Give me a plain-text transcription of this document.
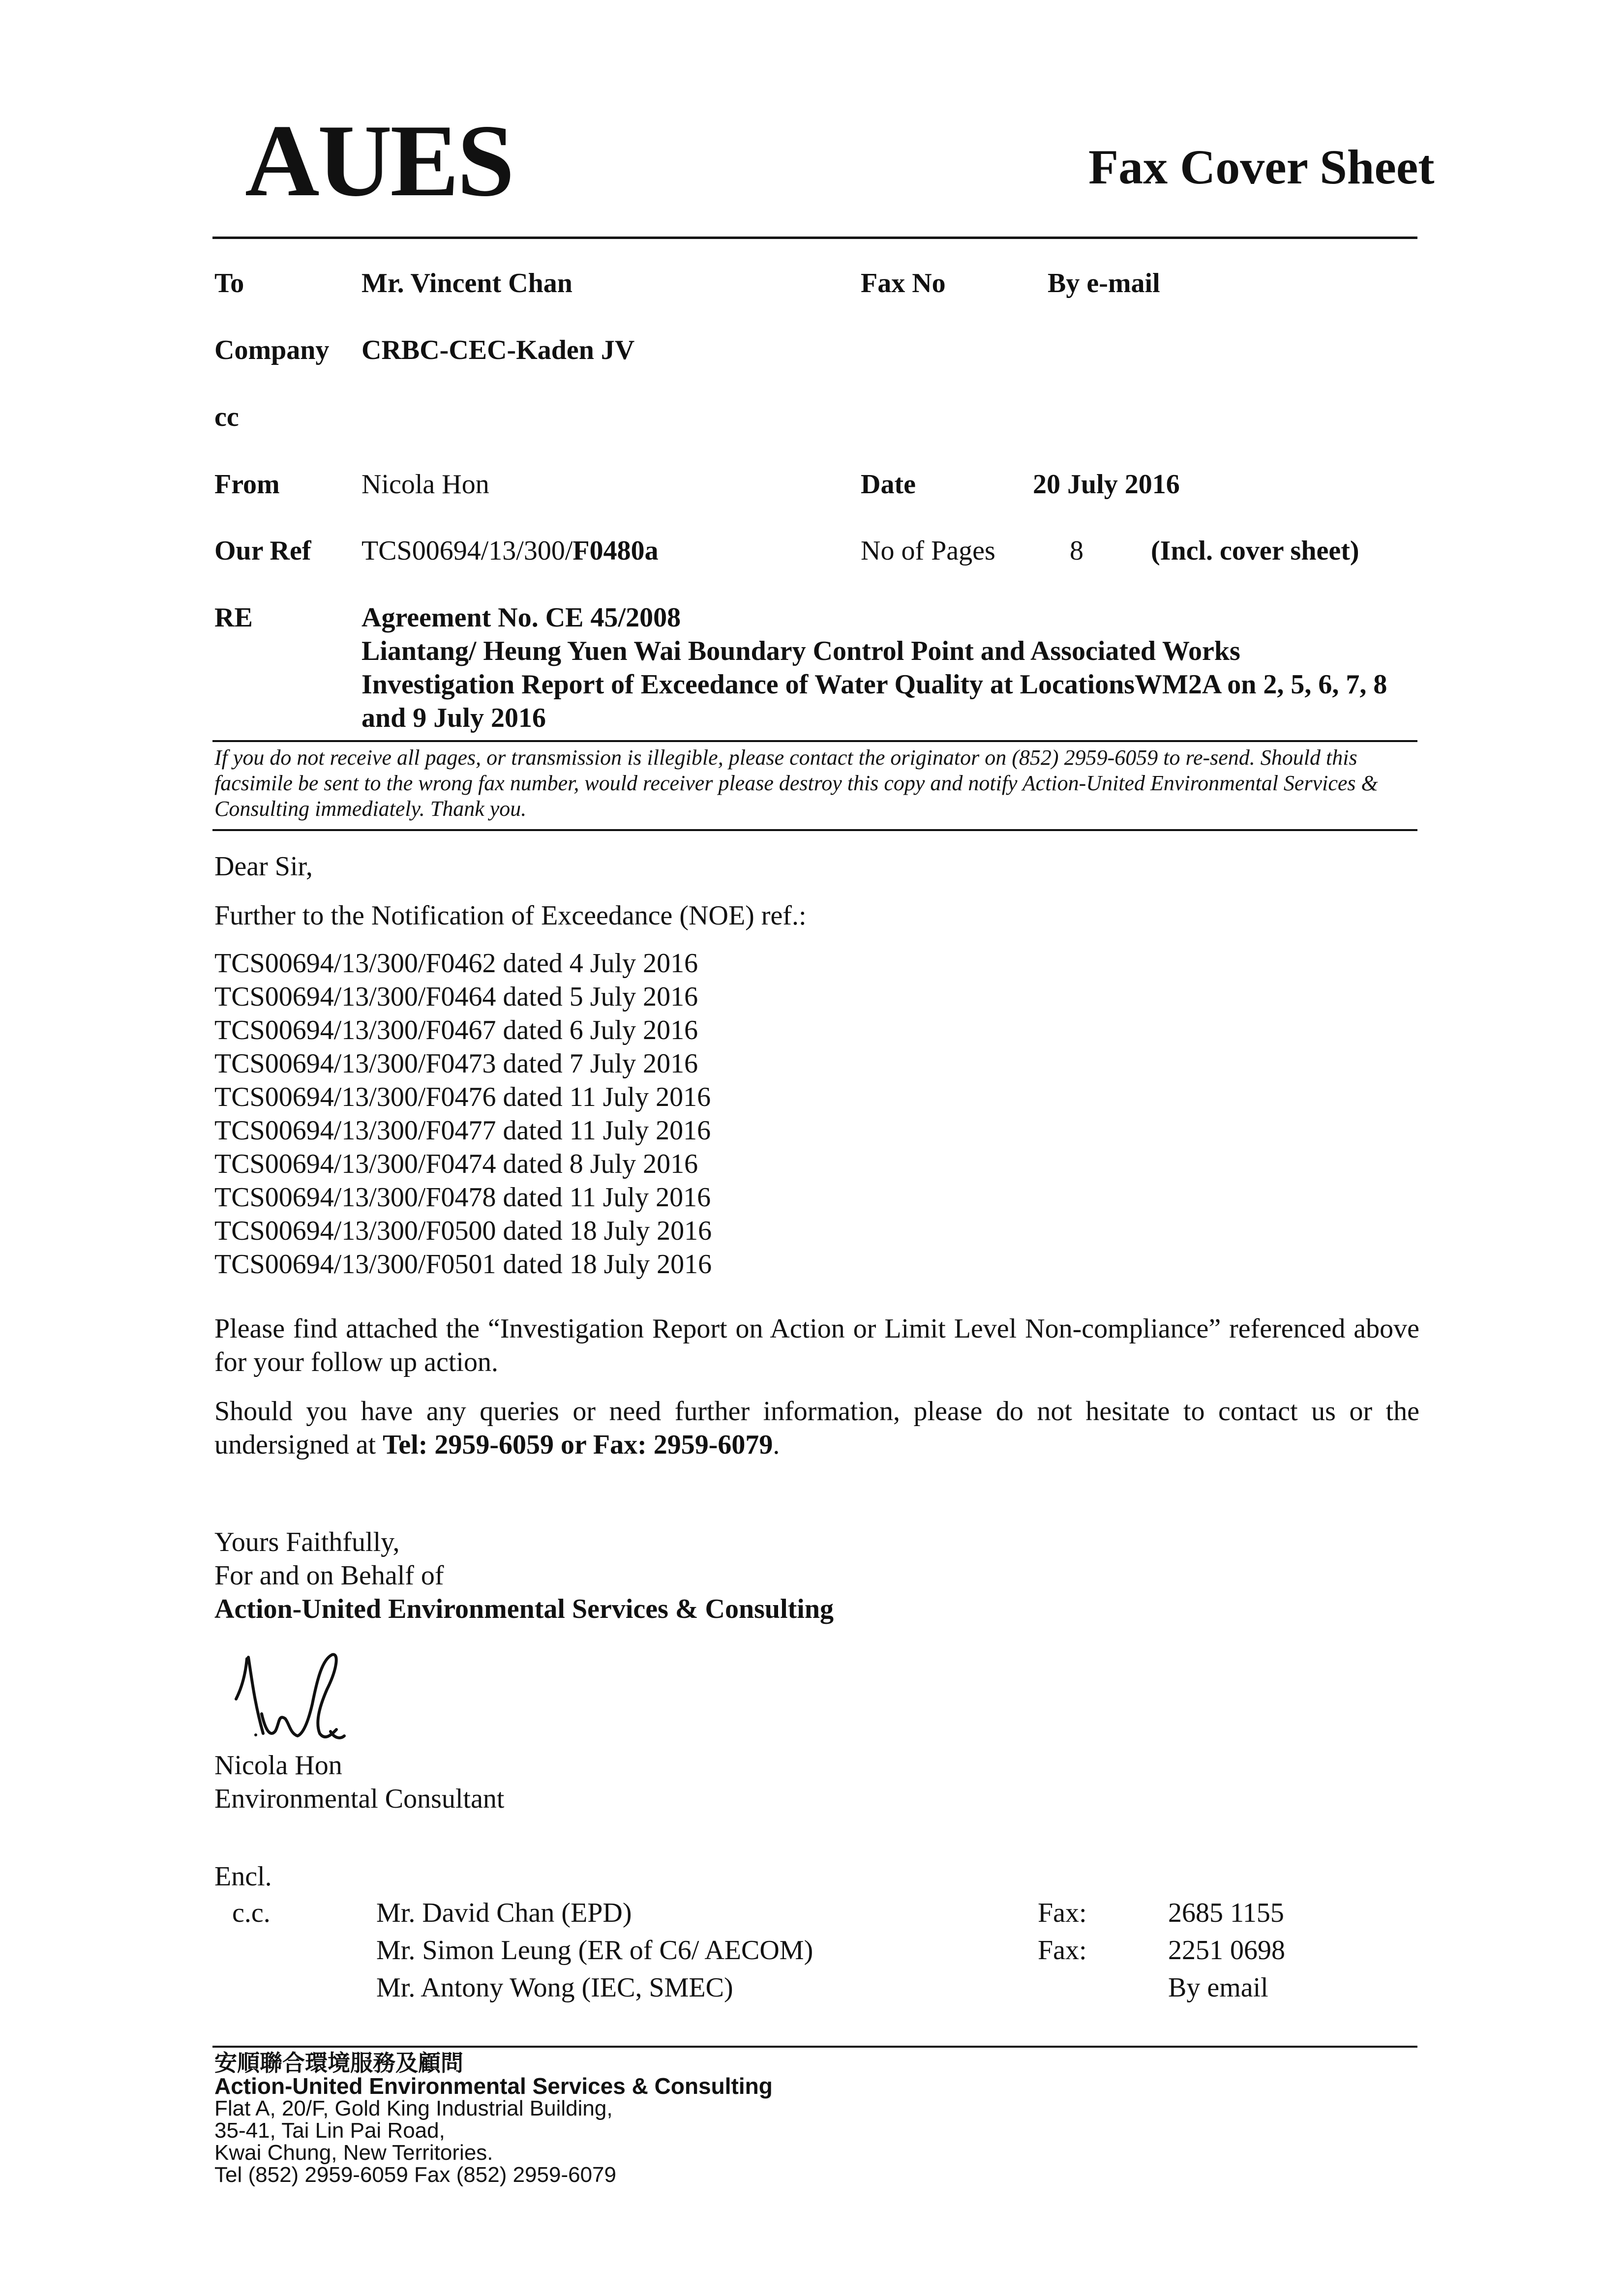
AUES	Fax Cover Sheet
To	Mr. Vincent Chan	Fax No	By e-mail
Company CRBC-CEC-Kaden JV
cc
From	Nicola Hon	Date	20 July 2016
Our Ref TCS00694/13/300/F0480a	No of Pages	8 (Incl. cover sheet)
RE	Agreement No. CE 45/2008
Liantang/ Heung Yuen Wai Boundary Control Point and Associated Works
Investigation Report of Exceedance of Water Quality at LocationsWM2A on 2, 5, 6, 7, 8 and 9 July 2016
If you do not receive all pages, or transmission is illegible, please contact the originator on (852) 2959-6059 to re-send. Should this facsimile be sent to the wrong fax number, would receiver please destroy this copy and notify Action-United Environmental Services & Consulting immediately. Thank you.
Dear Sir,
Further to the Notification of Exceedance (NOE) ref.:
TCS00694/13/300/F0462 dated 4 July 2016
TCS00694/13/300/F0464 dated 5 July 2016
TCS00694/13/300/F0467 dated 6 July 2016
TCS00694/13/300/F0473 dated 7 July 2016
TCS00694/13/300/F0476 dated 11 July 2016
TCS00694/13/300/F0477 dated 11 July 2016
TCS00694/13/300/F0474 dated 8 July 2016
TCS00694/13/300/F0478 dated 11 July 2016
TCS00694/13/300/F0500 dated 18 July 2016
TCS00694/13/300/F0501 dated 18 July 2016
Please find attached the “Investigation Report on Action or Limit Level Non-compliance” referenced above for your follow up action.
Should you have any queries or need further information, please do not hesitate to contact us or the undersigned at Tel: 2959-6059 or Fax: 2959-6079.
Yours Faithfully,
For and on Behalf of
Action-United Environmental Services & Consulting
Nicola Hon
Environmental Consultant
Encl.
c.c.	Mr. David Chan (EPD)	Fax:	2685 1155
Mr. Simon Leung (ER of C6/ AECOM)	Fax:	2251 0698
Mr. Antony Wong (IEC, SMEC)	By email
安順聯合環境服務及顧問
Action-United Environmental Services & Consulting
Flat A, 20/F, Gold King Industrial Building,
35-41, Tai Lin Pai Road,
Kwai Chung, New Territories.
Tel (852) 2959-6059 Fax (852) 2959-6079
